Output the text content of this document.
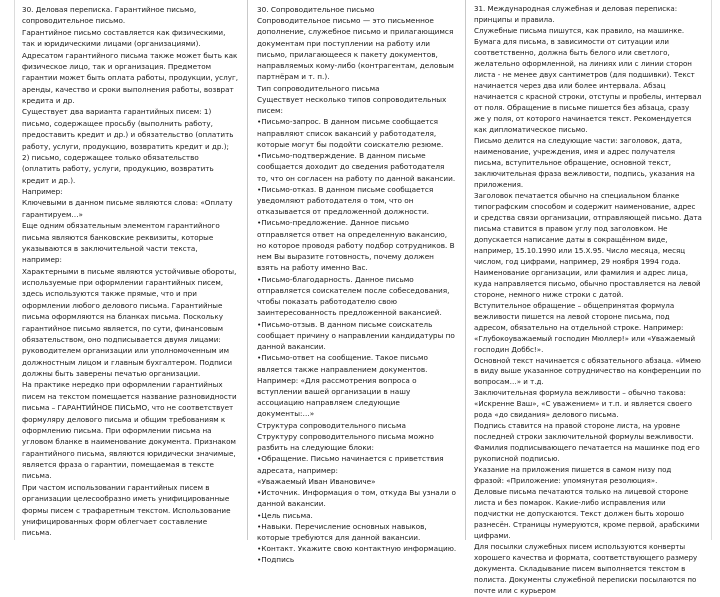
30. Деловая переписка. Гарантийное письмо, сопроводительное письмо.
Гарантийное письмо составляется как физическими, так и юридическими лицами (организациями). Адресатом гарантийного письма также может быть как физическое лицо, так и организация. Предметом гарантии может быть оплата работы, продукции, услуг, аренды, качество и сроки выполнения работы, возврат кредита и др.
Существует два варианта гарантийных писем: 1) письмо, содержащее просьбу (выполнить работу, предоставить кредит и др.) и обязательство (оплатить работу, услуги, продукцию, возвратить кредит и др.);
2) письмо, содержащее только обязательство (оплатить работу, услуги, продукцию, возвратить кредит и др.).
Например:
Ключевыми в данном письме являются слова: «Оплату гарантируем…»
Еще одним обязательным элементом гарантийного письма являются банковские реквизиты, которые указываются в заключительной части текста, например:
Характерными в письме являются устойчивые обороты, используемые при оформлении гарантийных писем, здесь используются также прямые, что и при оформлении любого делового письма. Гарантийные письма оформляются на бланках письма. Поскольку гарантийное письмо является, по сути, финансовым обязательством, оно подписывается двумя лицами: руководителем организации или уполномоченным им должностным лицом и главным бухгалтером. Подписи должны быть заверены печатью организации.
На практике нередко при оформлении гарантийных писем на текстом помещается название разновидности письма – ГАРАНТИЙНОЕ ПИСЬМО, что не соответствует формуляру делового письма и общим требованиям к оформлению письма. При оформлении письма на угловом бланке в наименование документа. Признаком гарантийного письма, являются юридически значимые, является фраза о гарантии, помещаемая в тексте письма.
При частом использовании гарантийных писем в организации целесообразно иметь унифицированные формы писем с трафаретным текстом. Использование унифицированных форм облегчает составление письма.

30. Сопроводительное письмо
Сопроводительное письмо — это письменное дополнение, служебное письмо и прилагающимся документам при поступлении на работу или письмо, прилагающееся к пакету документов, направляемых кому-либо (контрагентам, деловым партнёрам и т. п.).
Тип сопроводительного письма
Существует несколько типов сопроводительных писем:
•Письмо-запрос. В данном письме сообщается направляют список вакансий у работодателя, которые могут бы подойти соискателю резюме.
•Письмо-подтверждение. В данном письме сообщается доходит до сведения работодателя то, что он согласен на работу по данной вакансии.
•Письмо-отказ. В данном письме сообщается уведомляют работодателя о том, что он отказывается от предложенной должности.
•Письмо-предложение. Данное письмо отправляется ответ на определенную вакансию, но которое проводя работу подбор сотрудников. В нем Вы выразите готовность, почему должен взять на работу именно Вас.
•Письмо-благодарность. Данное письмо отправляется соискателем после собеседования, чтобы показать работодателю свою заинтересованность предложенной вакансией.
•Письмо-отзыв. В данном письме соискатель сообщает причину о направлении кандидатуры по данной вакансии.
•Письмо-ответ на сообщение. Такое письмо является также направлением документов. Например: «Для рассмотрения вопроса о вступлении вашей организации в нашу ассоциацию направляем следующие документы:…»
Структура сопроводительного письма
Структуру сопроводительного письма можно разбить на следующие блоки:
•Обращение. Письмо начинается с приветствия адресата, например:
«Уважаемый Иван Ивановиче»
•Источник. Информация о том, откуда Вы узнали о данной вакансии.
•Цель письма.
•Навыки. Перечисление основных навыков, которые требуются для данной вакансии.
•Контакт. Укажите свою контактную информацию.
•Подпись

31. Международная служебная и деловая переписка: принципы и правила.
Служебные письма пишутся, как правило, на машинке. Бумага для письма, в зависимости от ситуации или соответственно, должна быть белого или светлого, желательно оформленной, на линиях или с линии сторон листа - не менее двух сантиметров (для подшивки). Текст начинается через два или более интервала. Абзац начинается с красной строки, отступы и пробелы, интервал от поля. Обращение в письме пишется без абзаца, сразу же у поля, от которого начинается текст. Рекомендуется как дипломатическое письмо.
Письмо делится на следующие части: заголовок, дата, наименование, учреждения, имя и адрес получателя письма, вступительное обращение, основной текст, заключительная фраза вежливости, подпись, указания на приложения.
Заголовок печатается обычно на специальном бланке типографским способом и содержит наименование, адрес и средства связи организации, отправляющей письмо. Дата письма ставится в правом углу под заголовком. Не допускается написание даты в сокращённом виде, например, 15.10.1990 или 15.Х.95. Число месяца, месяц числом, год цифрами, например, 29 ноября 1994 года. Наименование организации, или фамилия и адрес лица, куда направляется письмо, обычно проставляется на левой стороне, немного ниже строки с датой.
Вступительное обращение – общепринятая формула вежливости пишется на левой стороне письма, под адресом, обязательно на отдельной строке. Например: «Глубокоуважаемый господин Мюллер!» или «Уважаемый господин Доббс!».
Основной текст начинается с обязательного абзаца. «Имею в виду выше указанное сотрудничество на конференции по вопросам…» и т.д.
Заключительная формула вежливости – обычно такова: «Искренне Ваш», «С уважением» и т.п. и является своего рода «до свидания» делового письма.
Подпись ставится на правой стороне листа, на уровне последней строки заключительной формулы вежливости. Фамилия подписывающего печатается на машинке под его рукописной подписью.
Указание на приложения пишется в самом низу под фразой: «Приложение: упомянутая резолюция».
Деловые письма печатаются только на лицевой стороне листа и без помарок. Какие-либо исправления или подчистки не допускаются. Текст должен быть хорошо разнесён. Страницы нумеруются, кроме первой, арабскими цифрами.
Для посылки служебных писем используются конверты хорошего качества и формата, соответствующего размеру документа. Складывание писем выполняется текстом в полиста. Документы служебной переписки посылаются по почте или с курьером
